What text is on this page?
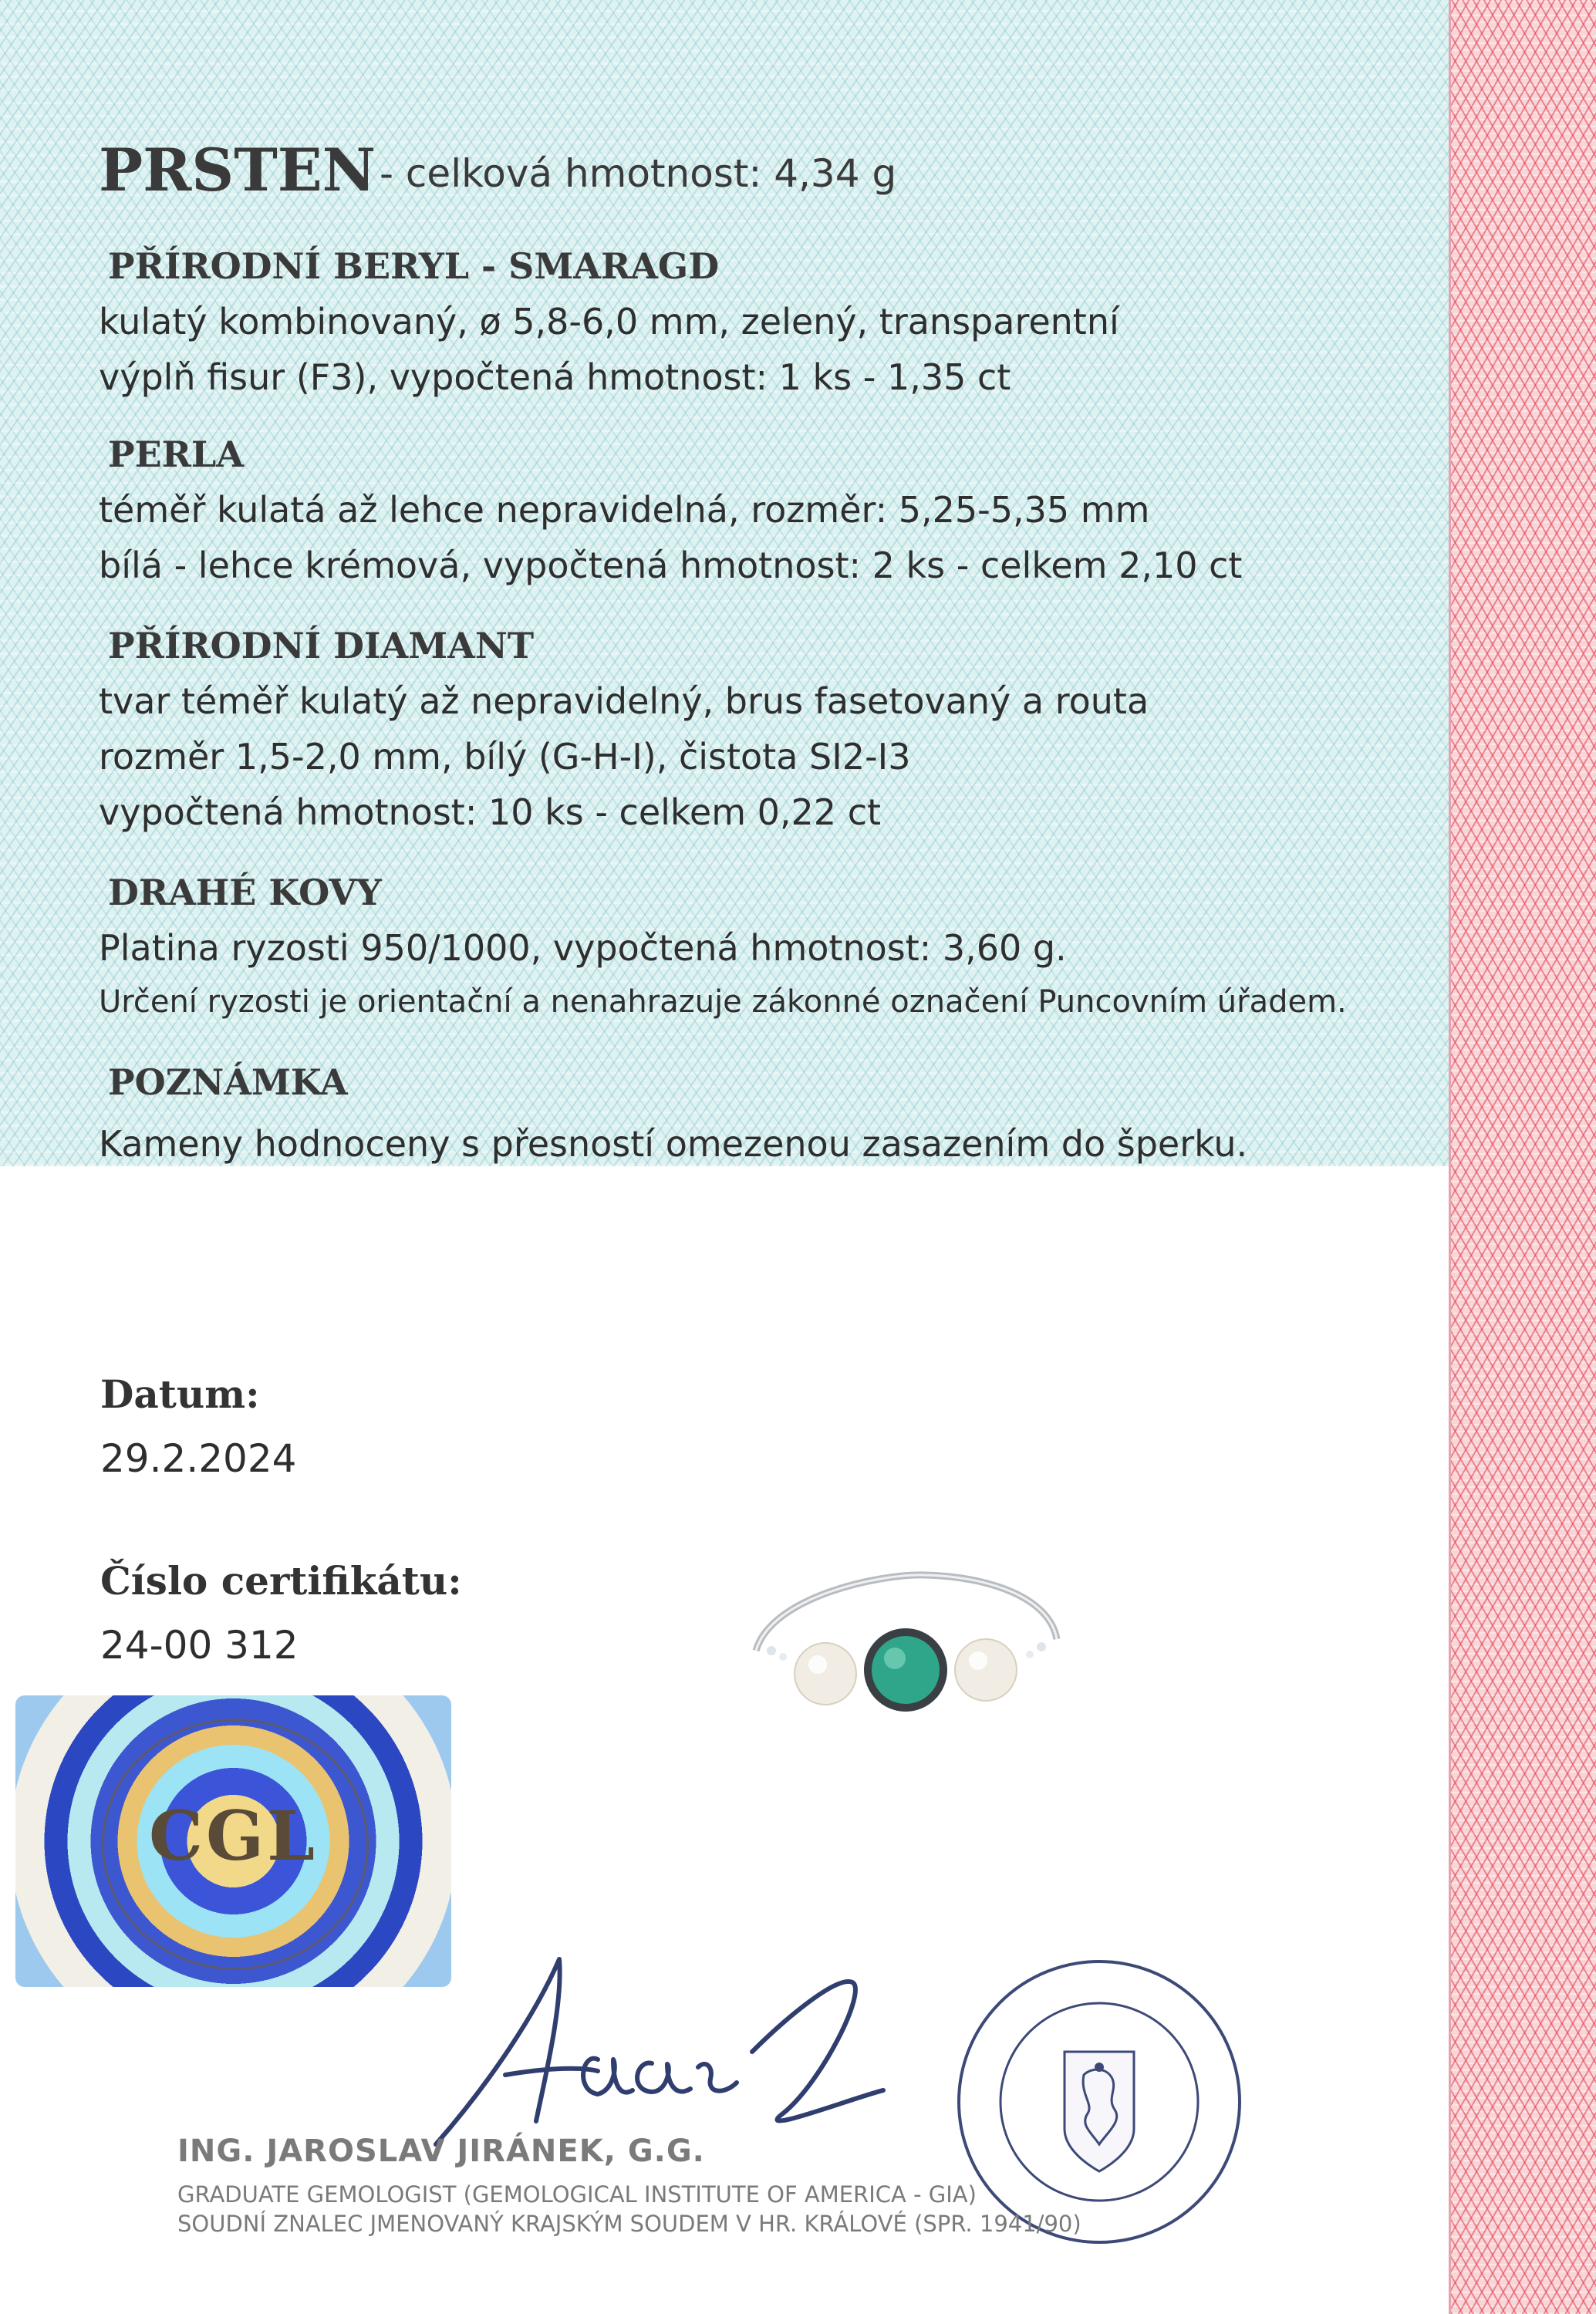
PRSTEN - celková hmotnost: 4,34 g
PŘÍRODNÍ BERYL - SMARAGD
kulatý kombinovaný, ø 5,8-6,0 mm, zelený, transparentní
výplň fisur (F3), vypočtená hmotnost: 1 ks - 1,35 ct
PERLA
téměř kulatá až lehce nepravidelná, rozměr: 5,25-5,35 mm
bílá - lehce krémová, vypočtená hmotnost: 2 ks - celkem 2,10 ct
PŘÍRODNÍ DIAMANT
tvar téměř kulatý až nepravidelný, brus fasetovaný a routa
rozměr 1,5-2,0 mm, bílý (G-H-I), čistota SI2-I3
vypočtená hmotnost: 10 ks - celkem 0,22 ct
DRAHÉ KOVY
Platina ryzosti 950/1000, vypočtená hmotnost: 3,60 g.
Určení ryzosti je orientační a nenahrazuje zákonné označení Puncovním úřadem.
POZNÁMKA
Kameny hodnoceny s přesností omezenou zasazením do šperku.
Datum:
29.2.2024
Číslo certifikátu:
24-00 312
CGL
ING. JAROSLAV JIRÁNEK, G.G.
GRADUATE GEMOLOGIST (GEMOLOGICAL INSTITUTE OF AMERICA - GIA)
SOUDNÍ ZNALEC JMENOVANÝ KRAJSKÝM SOUDEM V HR. KRÁLOVÉ (SPR. 1941/90)
